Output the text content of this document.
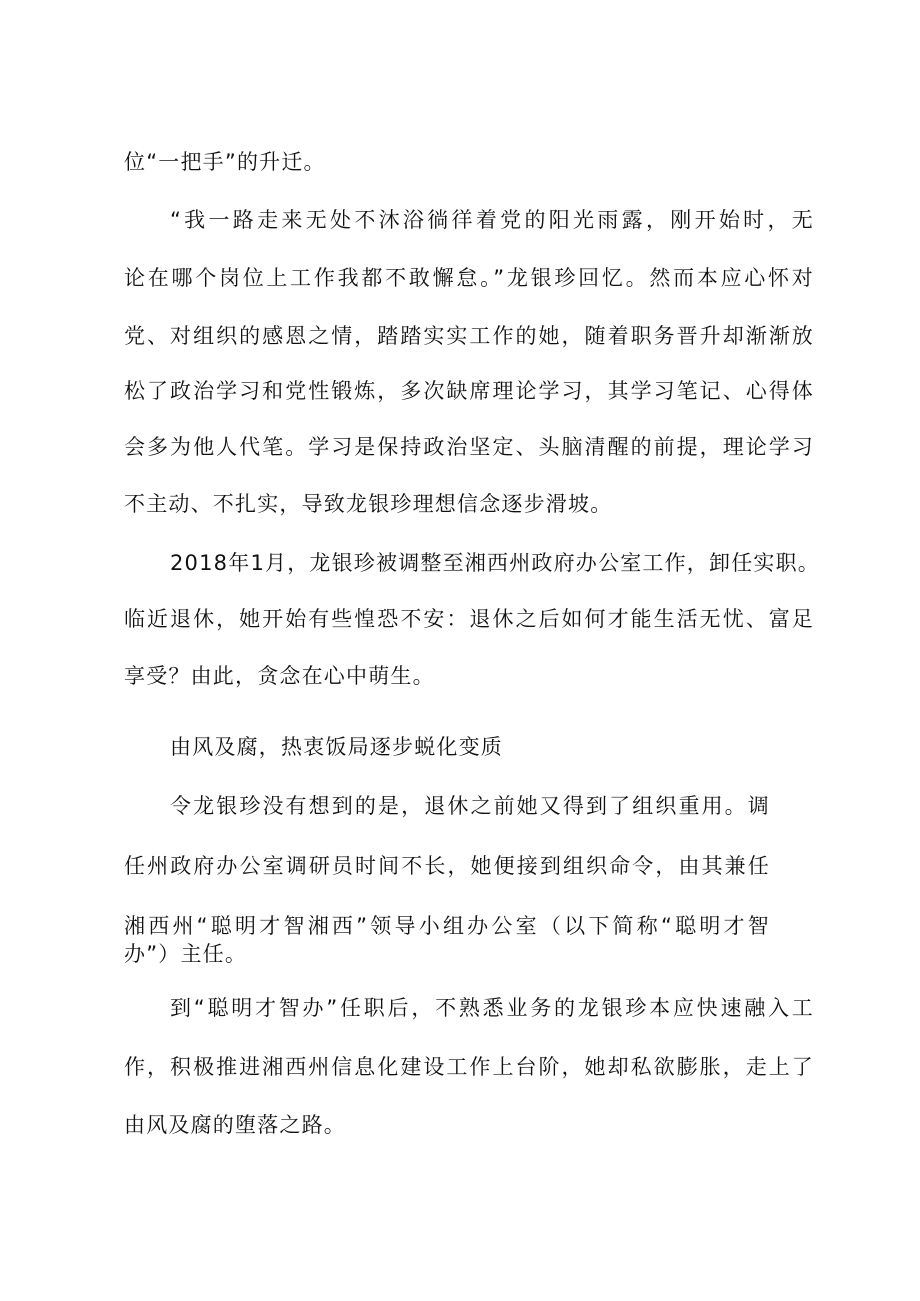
位“一把手”的升迁。
“我一路走来无处不沐浴徜徉着党的阳光雨露，刚开始时，无
论在哪个岗位上工作我都不敢懈怠。”龙银珍回忆。然而本应心怀对
党、对组织的感恩之情，踏踏实实工作的她，随着职务晋升却渐渐放
松了政治学习和党性锻炼，多次缺席理论学习，其学习笔记、心得体
会多为他人代笔。学习是保持政治坚定、头脑清醒的前提，理论学习
不主动、不扎实，导致龙银珍理想信念逐步滑坡。
2018年1月，龙银珍被调整至湘西州政府办公室工作，卸任实职。
临近退休，她开始有些惶恐不安：退休之后如何才能生活无忧、富足
享受？由此，贪念在心中萌生。
由风及腐，热衷饭局逐步蜕化变质
令龙银珍没有想到的是，退休之前她又得到了组织重用。调
任州政府办公室调研员时间不长，她便接到组织命令，由其兼任
湘西州“聪明才智湘西”领导小组办公室（以下简称“聪明才智
办”）主任。
到“聪明才智办”任职后，不熟悉业务的龙银珍本应快速融入工
作，积极推进湘西州信息化建设工作上台阶，她却私欲膨胀，走上了
由风及腐的堕落之路。
